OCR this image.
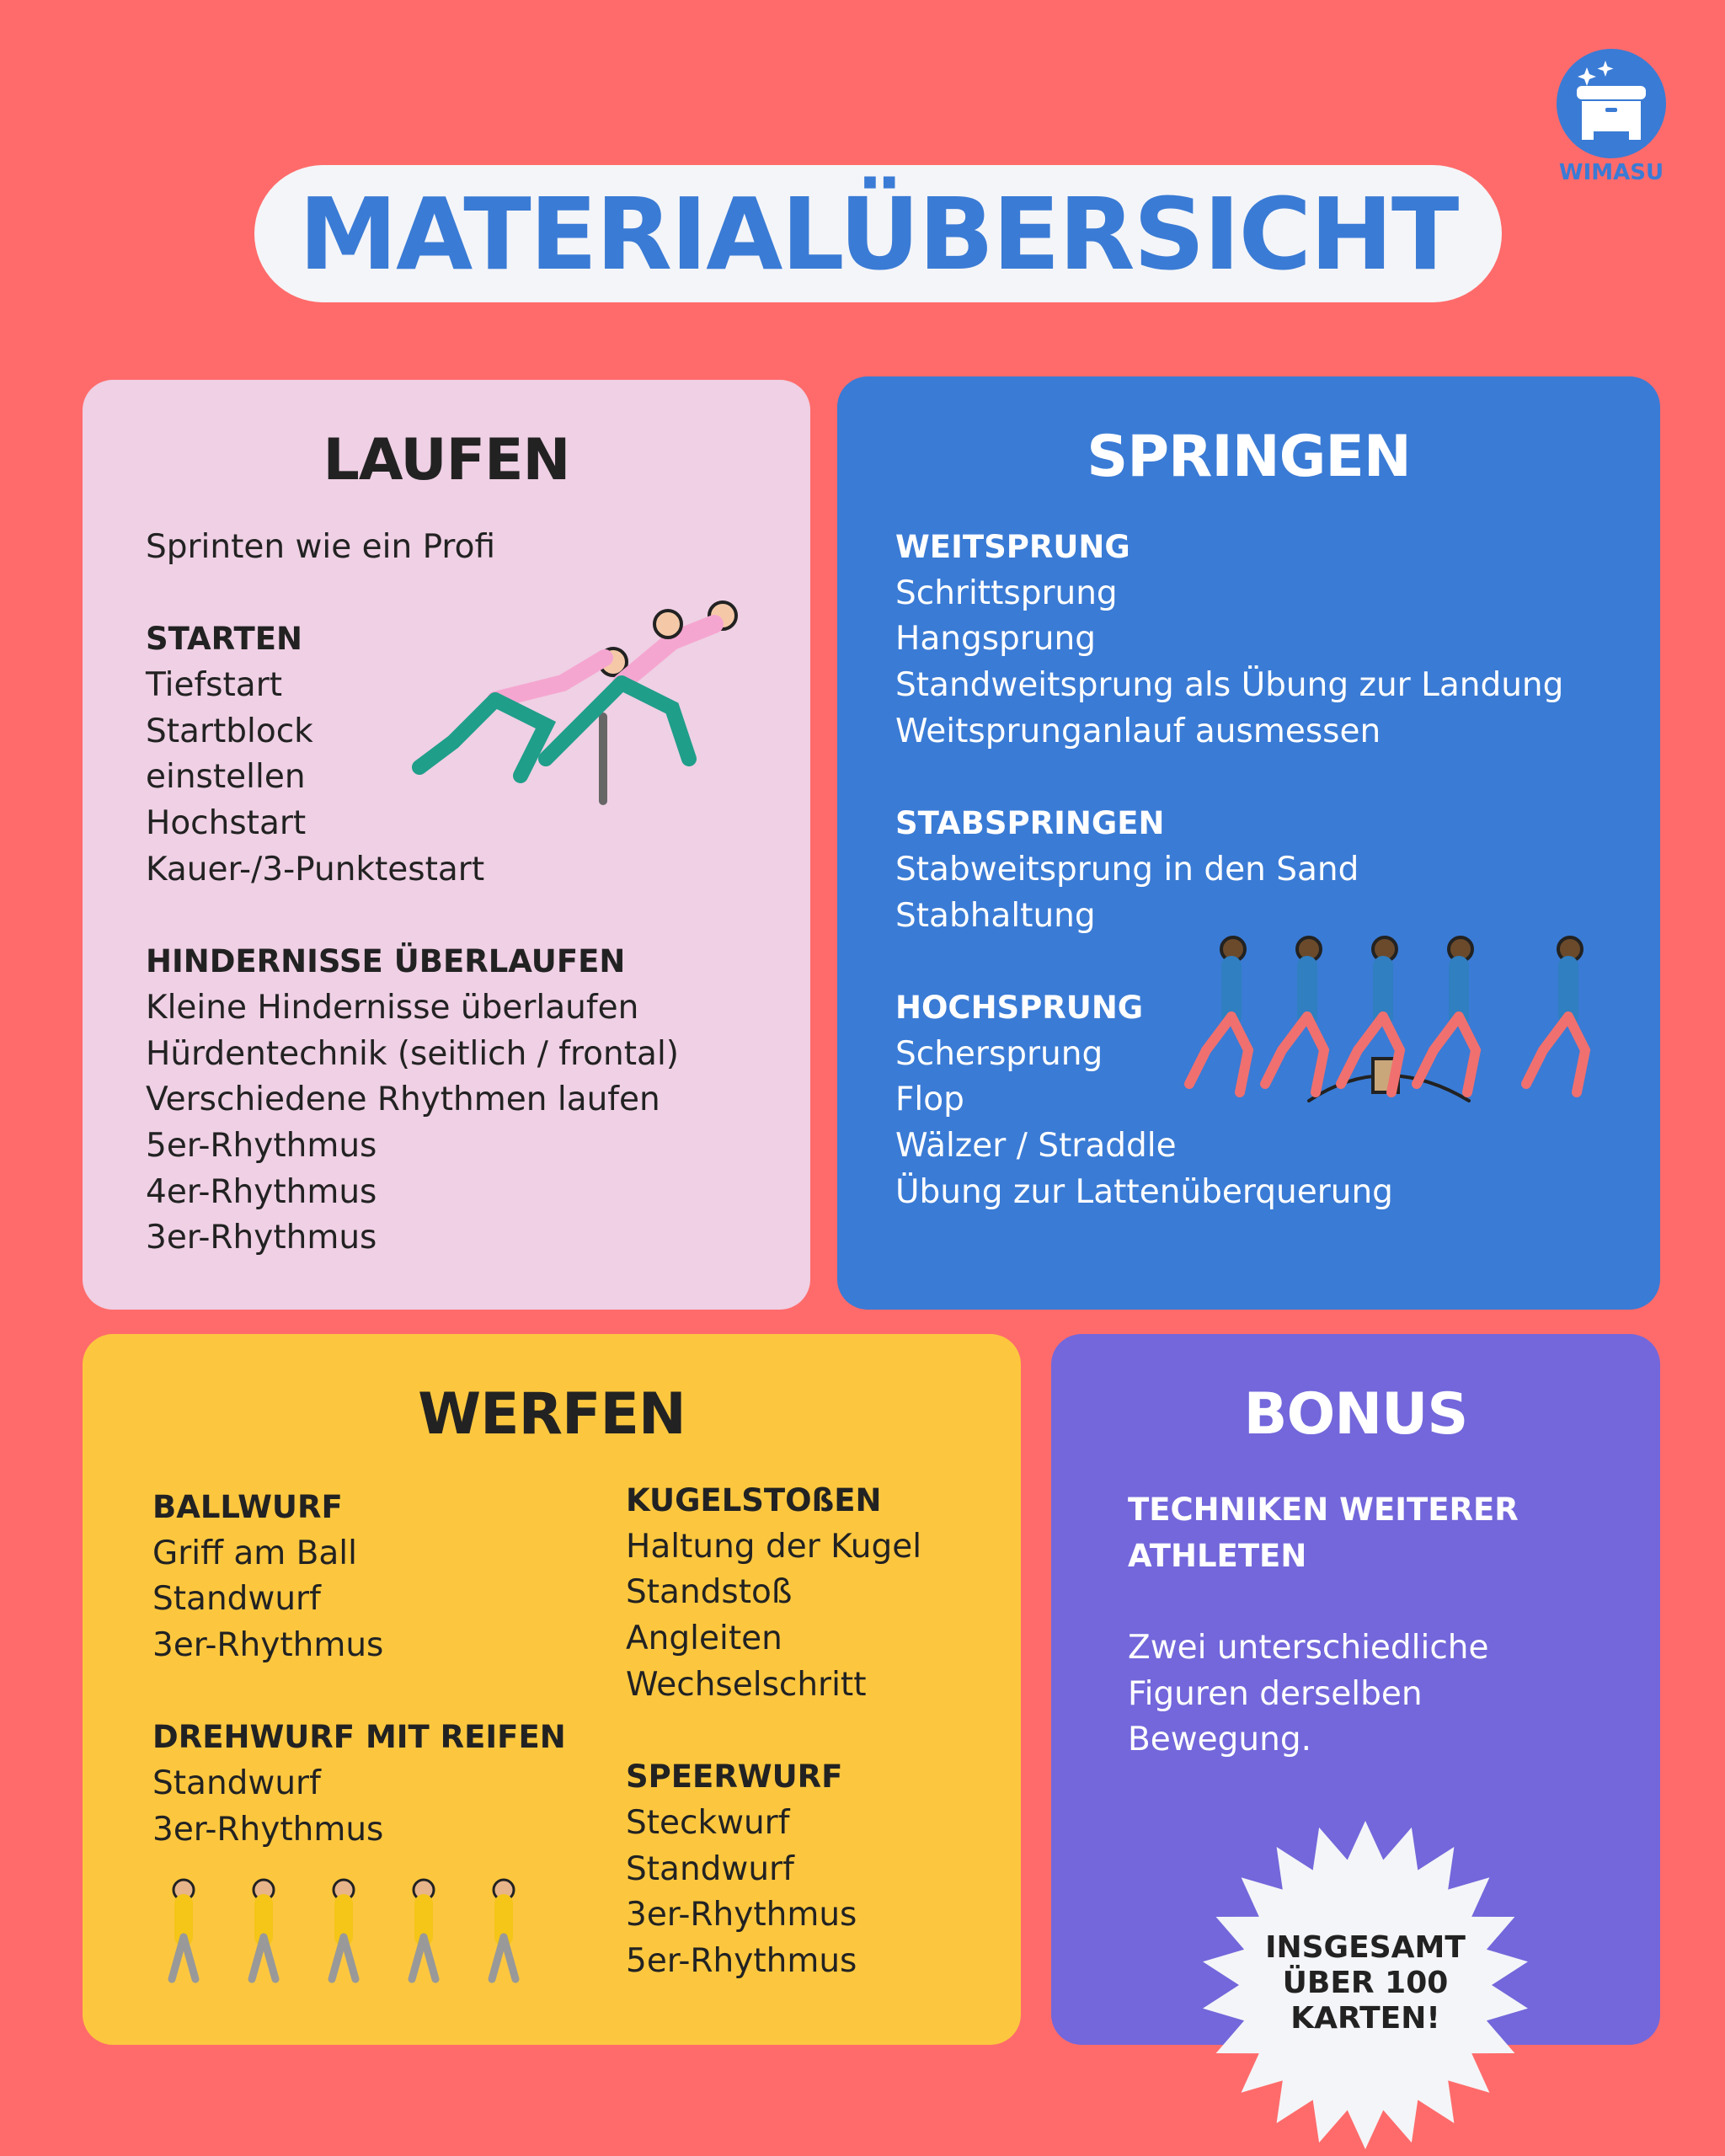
WIMASU
MATERIALÜBERSICHT
LAUFEN
Sprinten wie ein Profi
STARTEN
Tiefstart
Startblock
einstellen
Hochstart
Kauer-/3-Punktestart
HINDERNISSE ÜBERLAUFEN
Kleine Hindernisse überlaufen
Hürdentechnik (seitlich / frontal)
Verschiedene Rhythmen laufen
5er-Rhythmus
4er-Rhythmus
3er-Rhythmus
SPRINGEN
WEITSPRUNG
Schrittsprung
Hangsprung
Standweitsprung als Übung zur Landung
Weitsprunganlauf ausmessen
STABSPRINGEN
Stabweitsprung in den Sand
Stabhaltung
HOCHSPRUNG
Schersprung
Flop
Wälzer / Straddle
Übung zur Lattenüberquerung
WERFEN
BALLWURF
Griff am Ball
Standwurf
3er-Rhythmus
DREHWURF MIT REIFEN
Standwurf
3er-Rhythmus
KUGELSTOßEN
Haltung der Kugel
Standstoß
Angleiten
Wechselschritt
SPEERWURF
Steckwurf
Standwurf
3er-Rhythmus
5er-Rhythmus
BONUS
TECHNIKEN WEITERER
ATHLETEN
Zwei unterschiedliche
Figuren derselben
Bewegung.
INSGESAMT
ÜBER 100
KARTEN!
